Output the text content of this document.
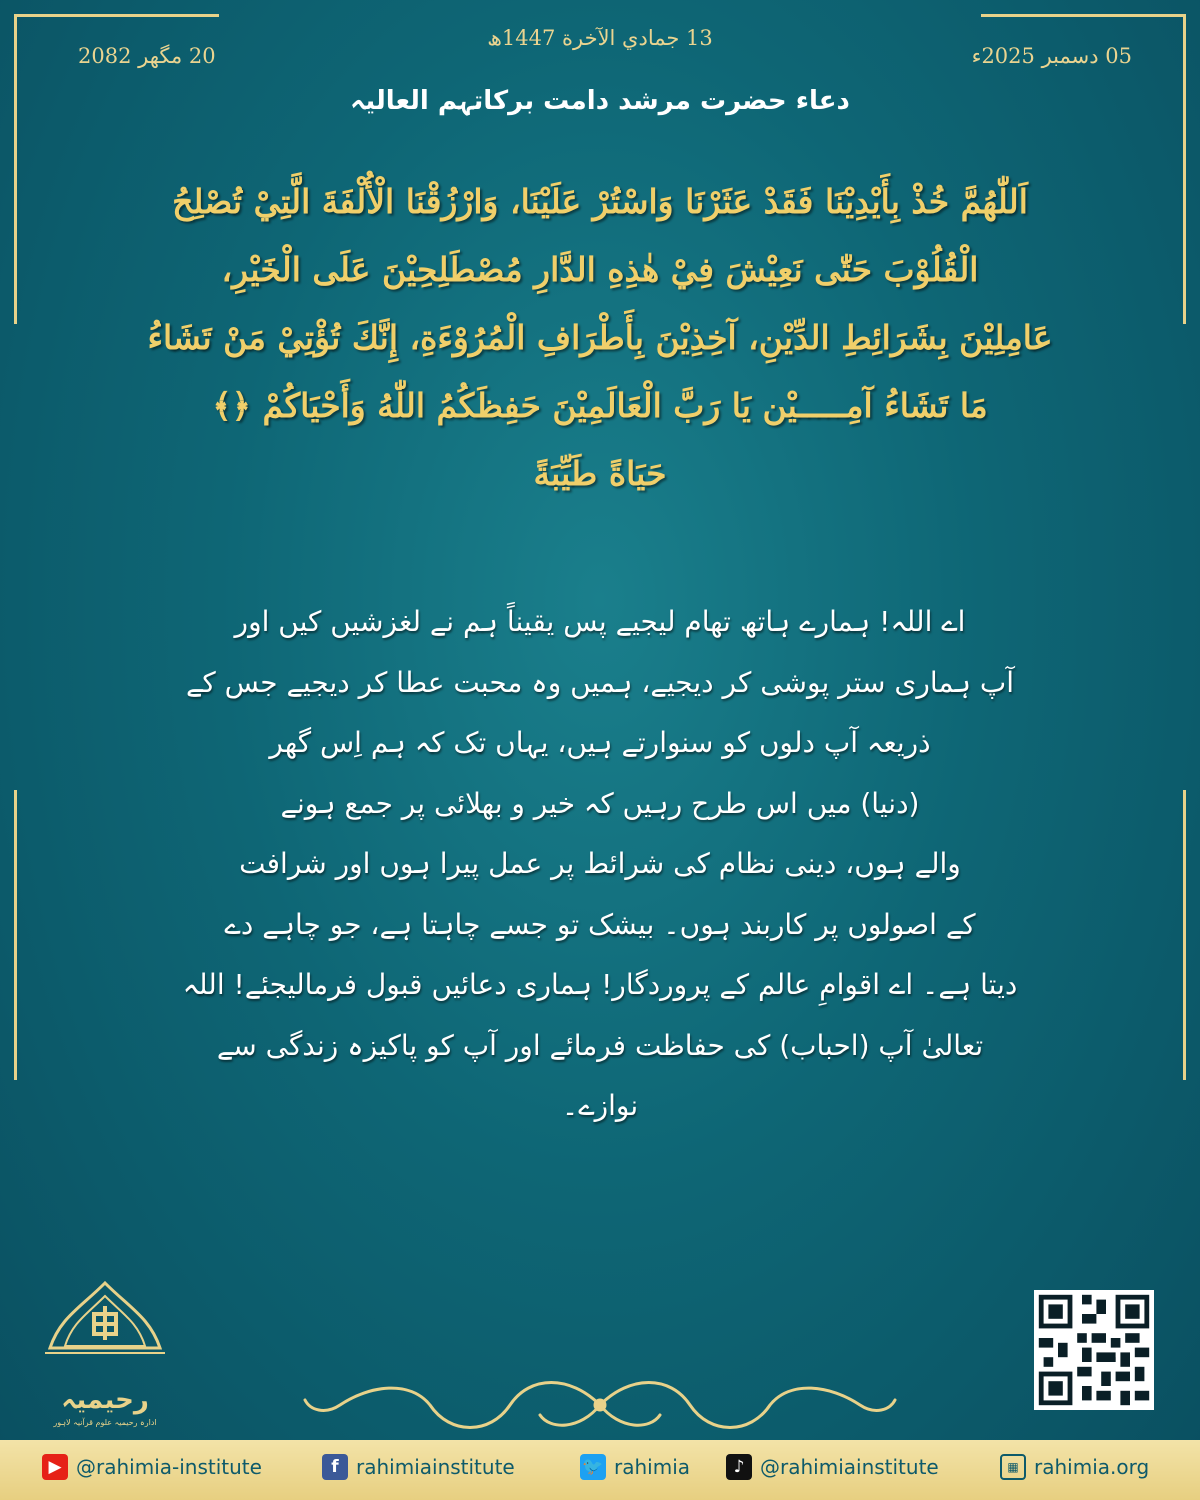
13 جمادي الآخرة 1447ھ
20 مگھر 2082	05 دسمبر 2025ء
دعاء حضرت مرشد دامت برکاتہم العالیہ
اَللّٰهُمَّ خُذْ بِأَيْدِيْنَا فَقَدْ عَثَرْنَا وَاسْتُرْ عَلَيْنَا، وَارْزُقْنَا الْأُلْفَةَ الَّتِيْ تُصْلِحُ
الْقُلُوْبَ حَتّٰى نَعِيْشَ فِيْ هٰذِهِ الدَّارِ مُصْطَلِحِيْنَ عَلَى الْخَيْرِ،
عَامِلِيْنَ بِشَرَائِطِ الدِّيْنِ، آخِذِيْنَ بِأَطْرَافِ الْمُرُوْءَةِ، إِنَّكَ تُؤْتِيْ مَنْ تَشَاءُ
مَا تَشَاءُ آمِـــــيْن يَا رَبَّ الْعَالَمِيْنَ حَفِظَكُمُ اللّٰهُ وَأَحْيَاكُمْ ﴿﴾
حَيَاةً طَيِّبَةً
اے اللہ! ہمارے ہاتھ تھام لیجیے پس یقیناً ہم نے لغزشیں کیں اور
آپ ہماری ستر پوشی کر دیجیے، ہمیں وہ محبت عطا کر دیجیے جس کے
ذریعہ آپ دلوں کو سنوارتے ہیں، یہاں تک کہ ہم اِس گھر
(دنیا) میں اس طرح رہیں کہ خیر و بھلائی پر جمع ہونے
والے ہوں، دینی نظام کی شرائط پر عمل پیرا ہوں اور شرافت
کے اصولوں پر کاربند ہوں۔ بیشک تو جسے چاہتا ہے، جو چاہے دے
دیتا ہے۔ اے اقوامِ عالم کے پروردگار! ہماری دعائیں قبول فرمالیجئے! اللہ
تعالیٰ آپ (احباب) کی حفاظت فرمائے اور آپ کو پاکیزہ زندگی سے
نوازے۔
رحیمیہ
ادارہ رحیمیہ علوم قرآنیہ لاہور
▶ @rahimia-institute	f rahimiainstitute	🐦 rahimia	♪ @rahimiainstitute	▦ rahimia.org
